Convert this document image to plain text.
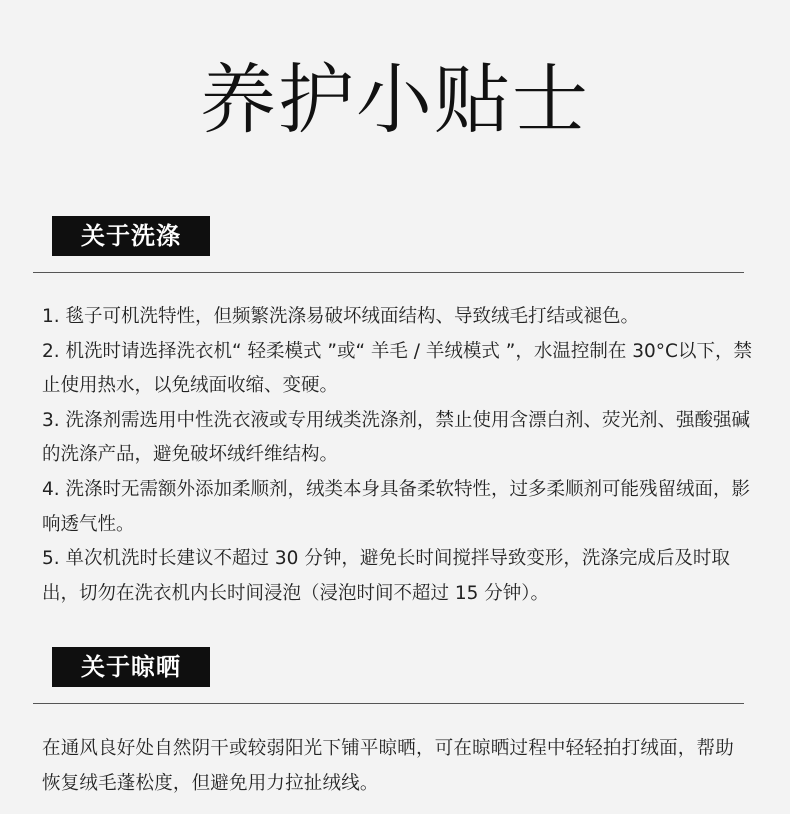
养护小贴士
关于洗涤
1. 毯子可机洗特性，但频繁洗涤易破坏绒面结构、导致绒毛打结或褪色。
2. 机洗时请选择洗衣机“ 轻柔模式 ”或“ 羊毛 / 羊绒模式 ”，水温控制在 30°C以下，禁止使用热水，以免绒面收缩、变硬。
3. 洗涤剂需选用中性洗衣液或专用绒类洗涤剂，禁止使用含漂白剂、荧光剂、强酸强碱的洗涤产品，避免破坏绒纤维结构。
4. 洗涤时无需额外添加柔顺剂，绒类本身具备柔软特性，过多柔顺剂可能残留绒面，影响透气性。
5. 单次机洗时长建议不超过 30 分钟，避免长时间搅拌导致变形，洗涤完成后及时取出，切勿在洗衣机内长时间浸泡（浸泡时间不超过 15 分钟）。
关于晾晒

在通风良好处自然阴干或较弱阳光下铺平晾晒，可在晾晒过程中轻轻拍打绒面，帮助恢复绒毛蓬松度，但避免用力拉扯绒线。
